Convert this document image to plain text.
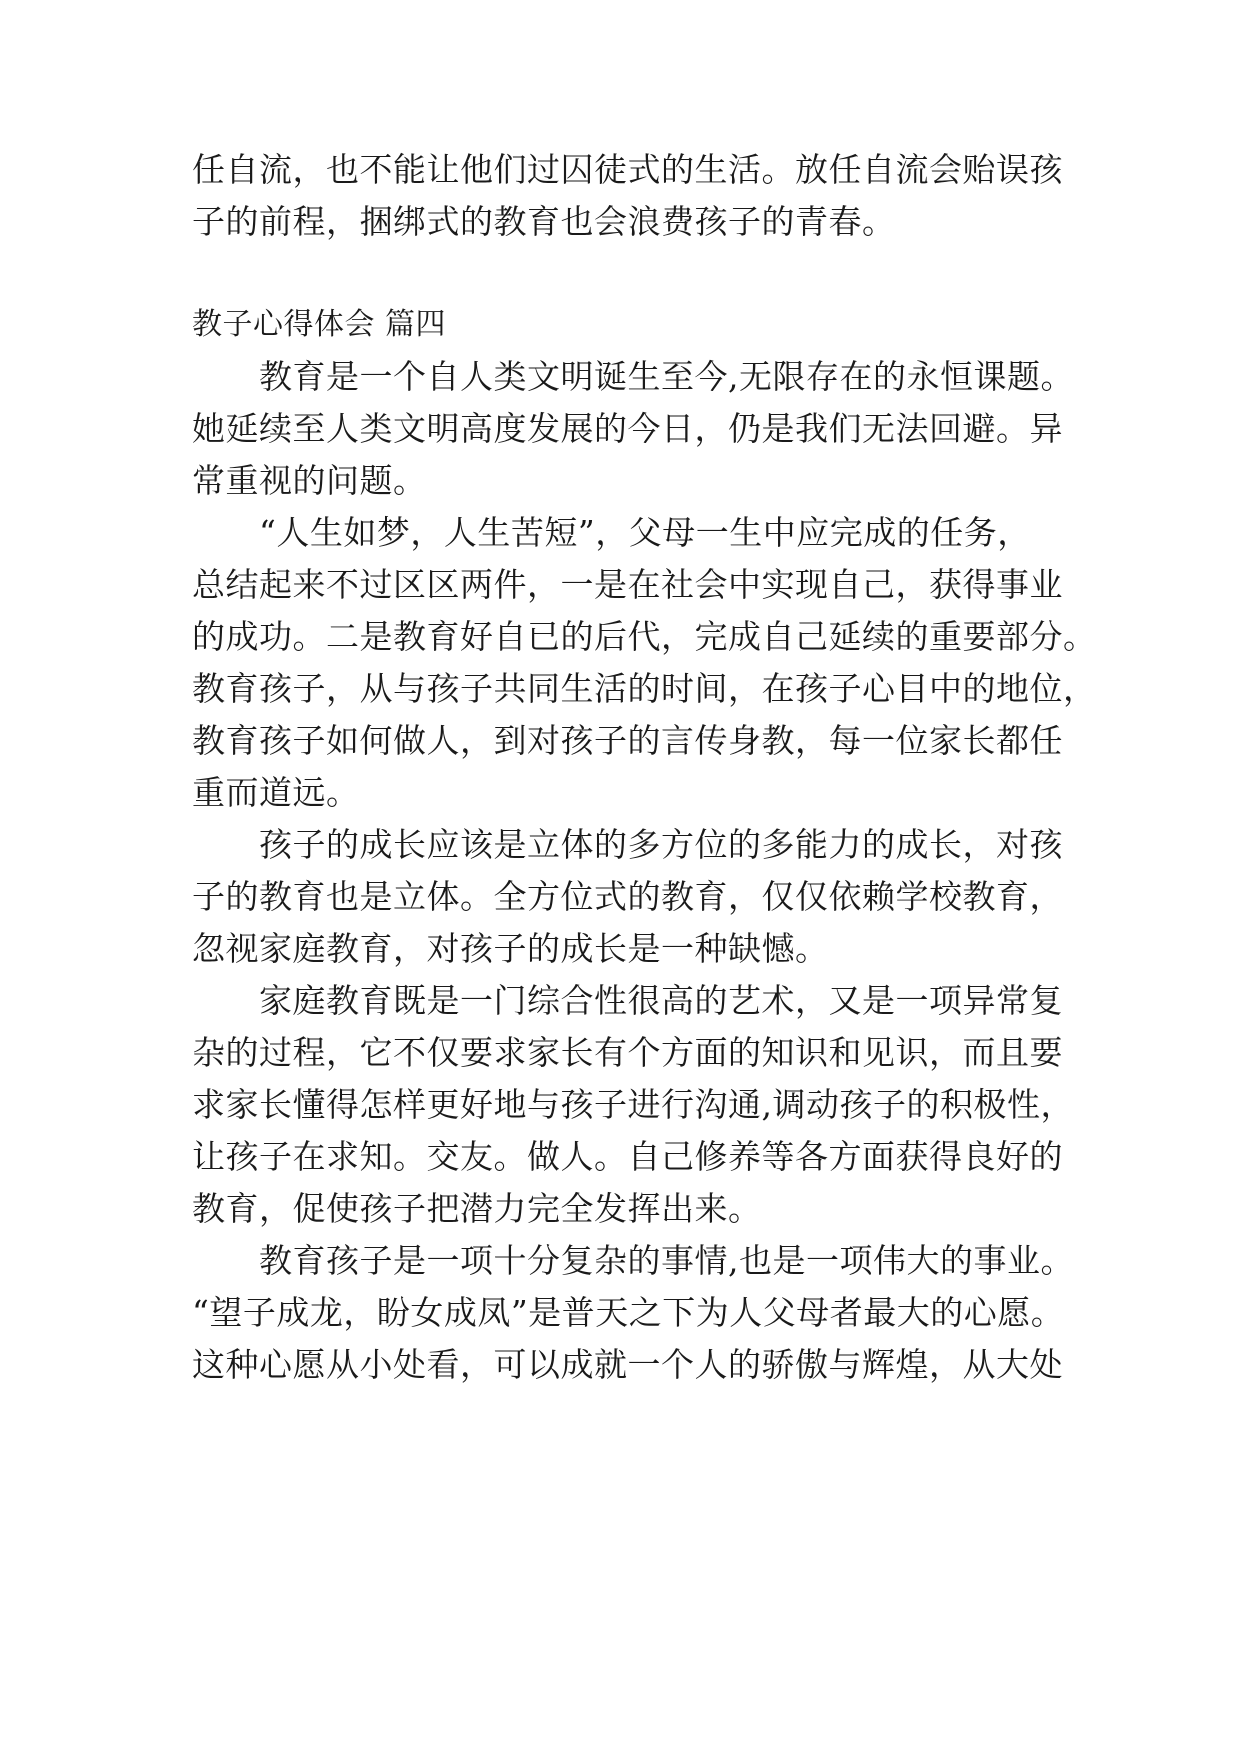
任自流，也不能让他们过囚徒式的生活。放任自流会贻误孩
子的前程，捆绑式的教育也会浪费孩子的青春。
教子心得体会 篇四
　　教育是一个自人类文明诞生至今,无限存在的永恒课题。
她延续至人类文明高度发展的今日，仍是我们无法回避。异
常重视的问题。
　　“人生如梦，人生苦短”，父母一生中应完成的任务，
总结起来不过区区两件，一是在社会中实现自己，获得事业
的成功。二是教育好自已的后代，完成自己延续的重要部分。
教育孩子，从与孩子共同生活的时间，在孩子心目中的地位，
教育孩子如何做人，到对孩子的言传身教，每一位家长都任
重而道远。
　　孩子的成长应该是立体的多方位的多能力的成长，对孩
子的教育也是立体。全方位式的教育，仅仅依赖学校教育，
忽视家庭教育，对孩子的成长是一种缺憾。
　　家庭教育既是一门综合性很高的艺术，又是一项异常复
杂的过程，它不仅要求家长有个方面的知识和见识，而且要
求家长懂得怎样更好地与孩子进行沟通,调动孩子的积极性，
让孩子在求知。交友。做人。自己修养等各方面获得良好的
教育，促使孩子把潜力完全发挥出来。
　　教育孩子是一项十分复杂的事情,也是一项伟大的事业。
“望子成龙，盼女成凤”是普天之下为人父母者最大的心愿。
这种心愿从小处看，可以成就一个人的骄傲与辉煌，从大处
